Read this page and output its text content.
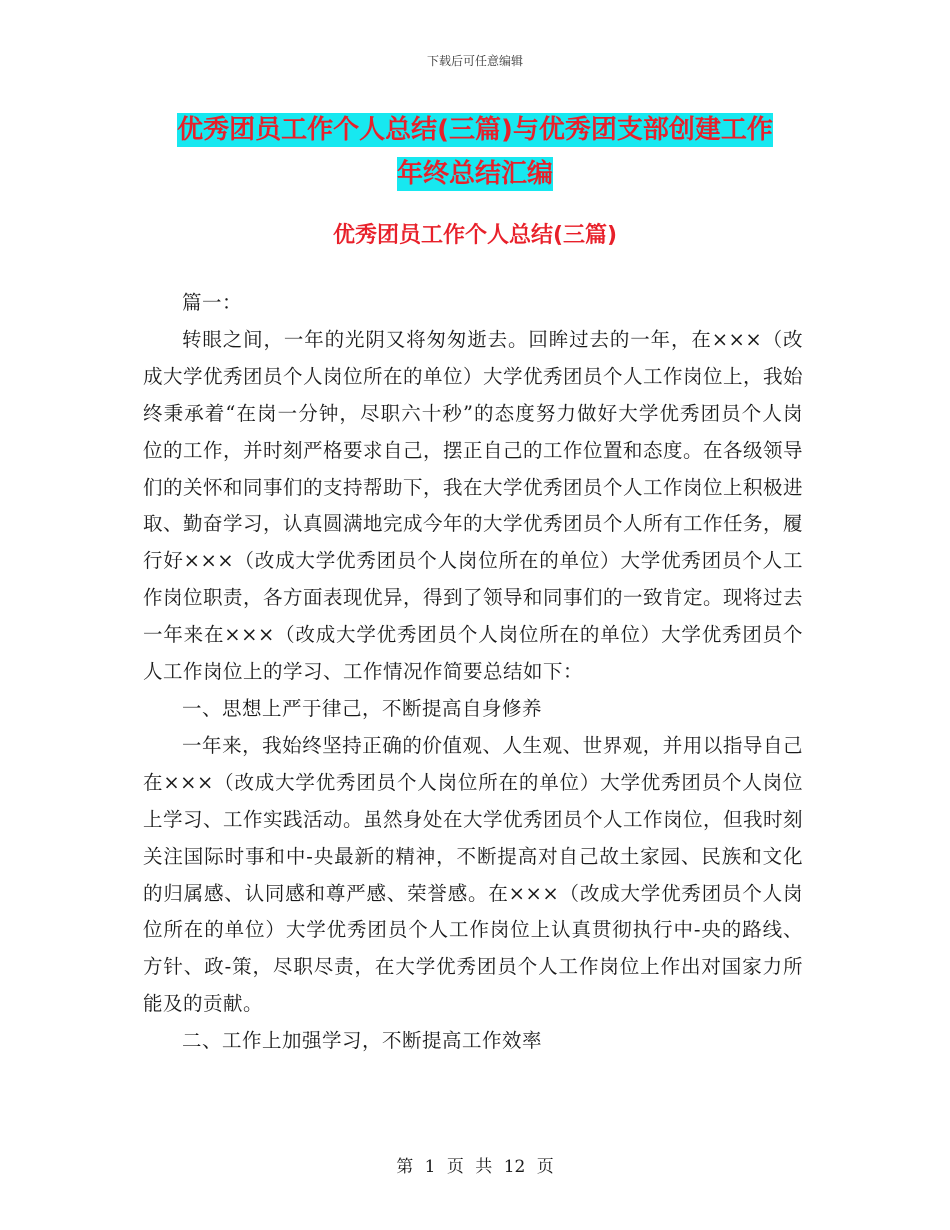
下载后可任意编辑
优秀团员工作个人总结(三篇)与优秀团支部创建工作
年终总结汇编
优秀团员工作个人总结(三篇)

篇一：

转眼之间，一年的光阴又将匆匆逝去。回眸过去的一年，在×××（改成大学优秀团员个人岗位所在的单位）大学优秀团员个人工作岗位上，我始终秉承着“在岗一分钟，尽职六十秒”的态度努力做好大学优秀团员个人岗位的工作，并时刻严格要求自己，摆正自己的工作位置和态度。在各级领导们的关怀和同事们的支持帮助下，我在大学优秀团员个人工作岗位上积极进取、勤奋学习，认真圆满地完成今年的大学优秀团员个人所有工作任务，履行好×××（改成大学优秀团员个人岗位所在的单位）大学优秀团员个人工作岗位职责，各方面表现优异，得到了领导和同事们的一致肯定。现将过去一年来在×××（改成大学优秀团员个人岗位所在的单位）大学优秀团员个人工作岗位上的学习、工作情况作简要总结如下：

一、思想上严于律己，不断提高自身修养

一年来，我始终坚持正确的价值观、人生观、世界观，并用以指导自己在×××（改成大学优秀团员个人岗位所在的单位）大学优秀团员个人岗位上学习、工作实践活动。虽然身处在大学优秀团员个人工作岗位，但我时刻关注国际时事和中-央最新的精神，不断提高对自己故土家园、民族和文化的归属感、认同感和尊严感、荣誉感。在×××（改成大学优秀团员个人岗位所在的单位）大学优秀团员个人工作岗位上认真贯彻执行中-央的路线、方针、政-策，尽职尽责，在大学优秀团员个人工作岗位上作出对国家力所能及的贡献。

二、工作上加强学习，不断提高工作效率

第 1 页 共 12 页
